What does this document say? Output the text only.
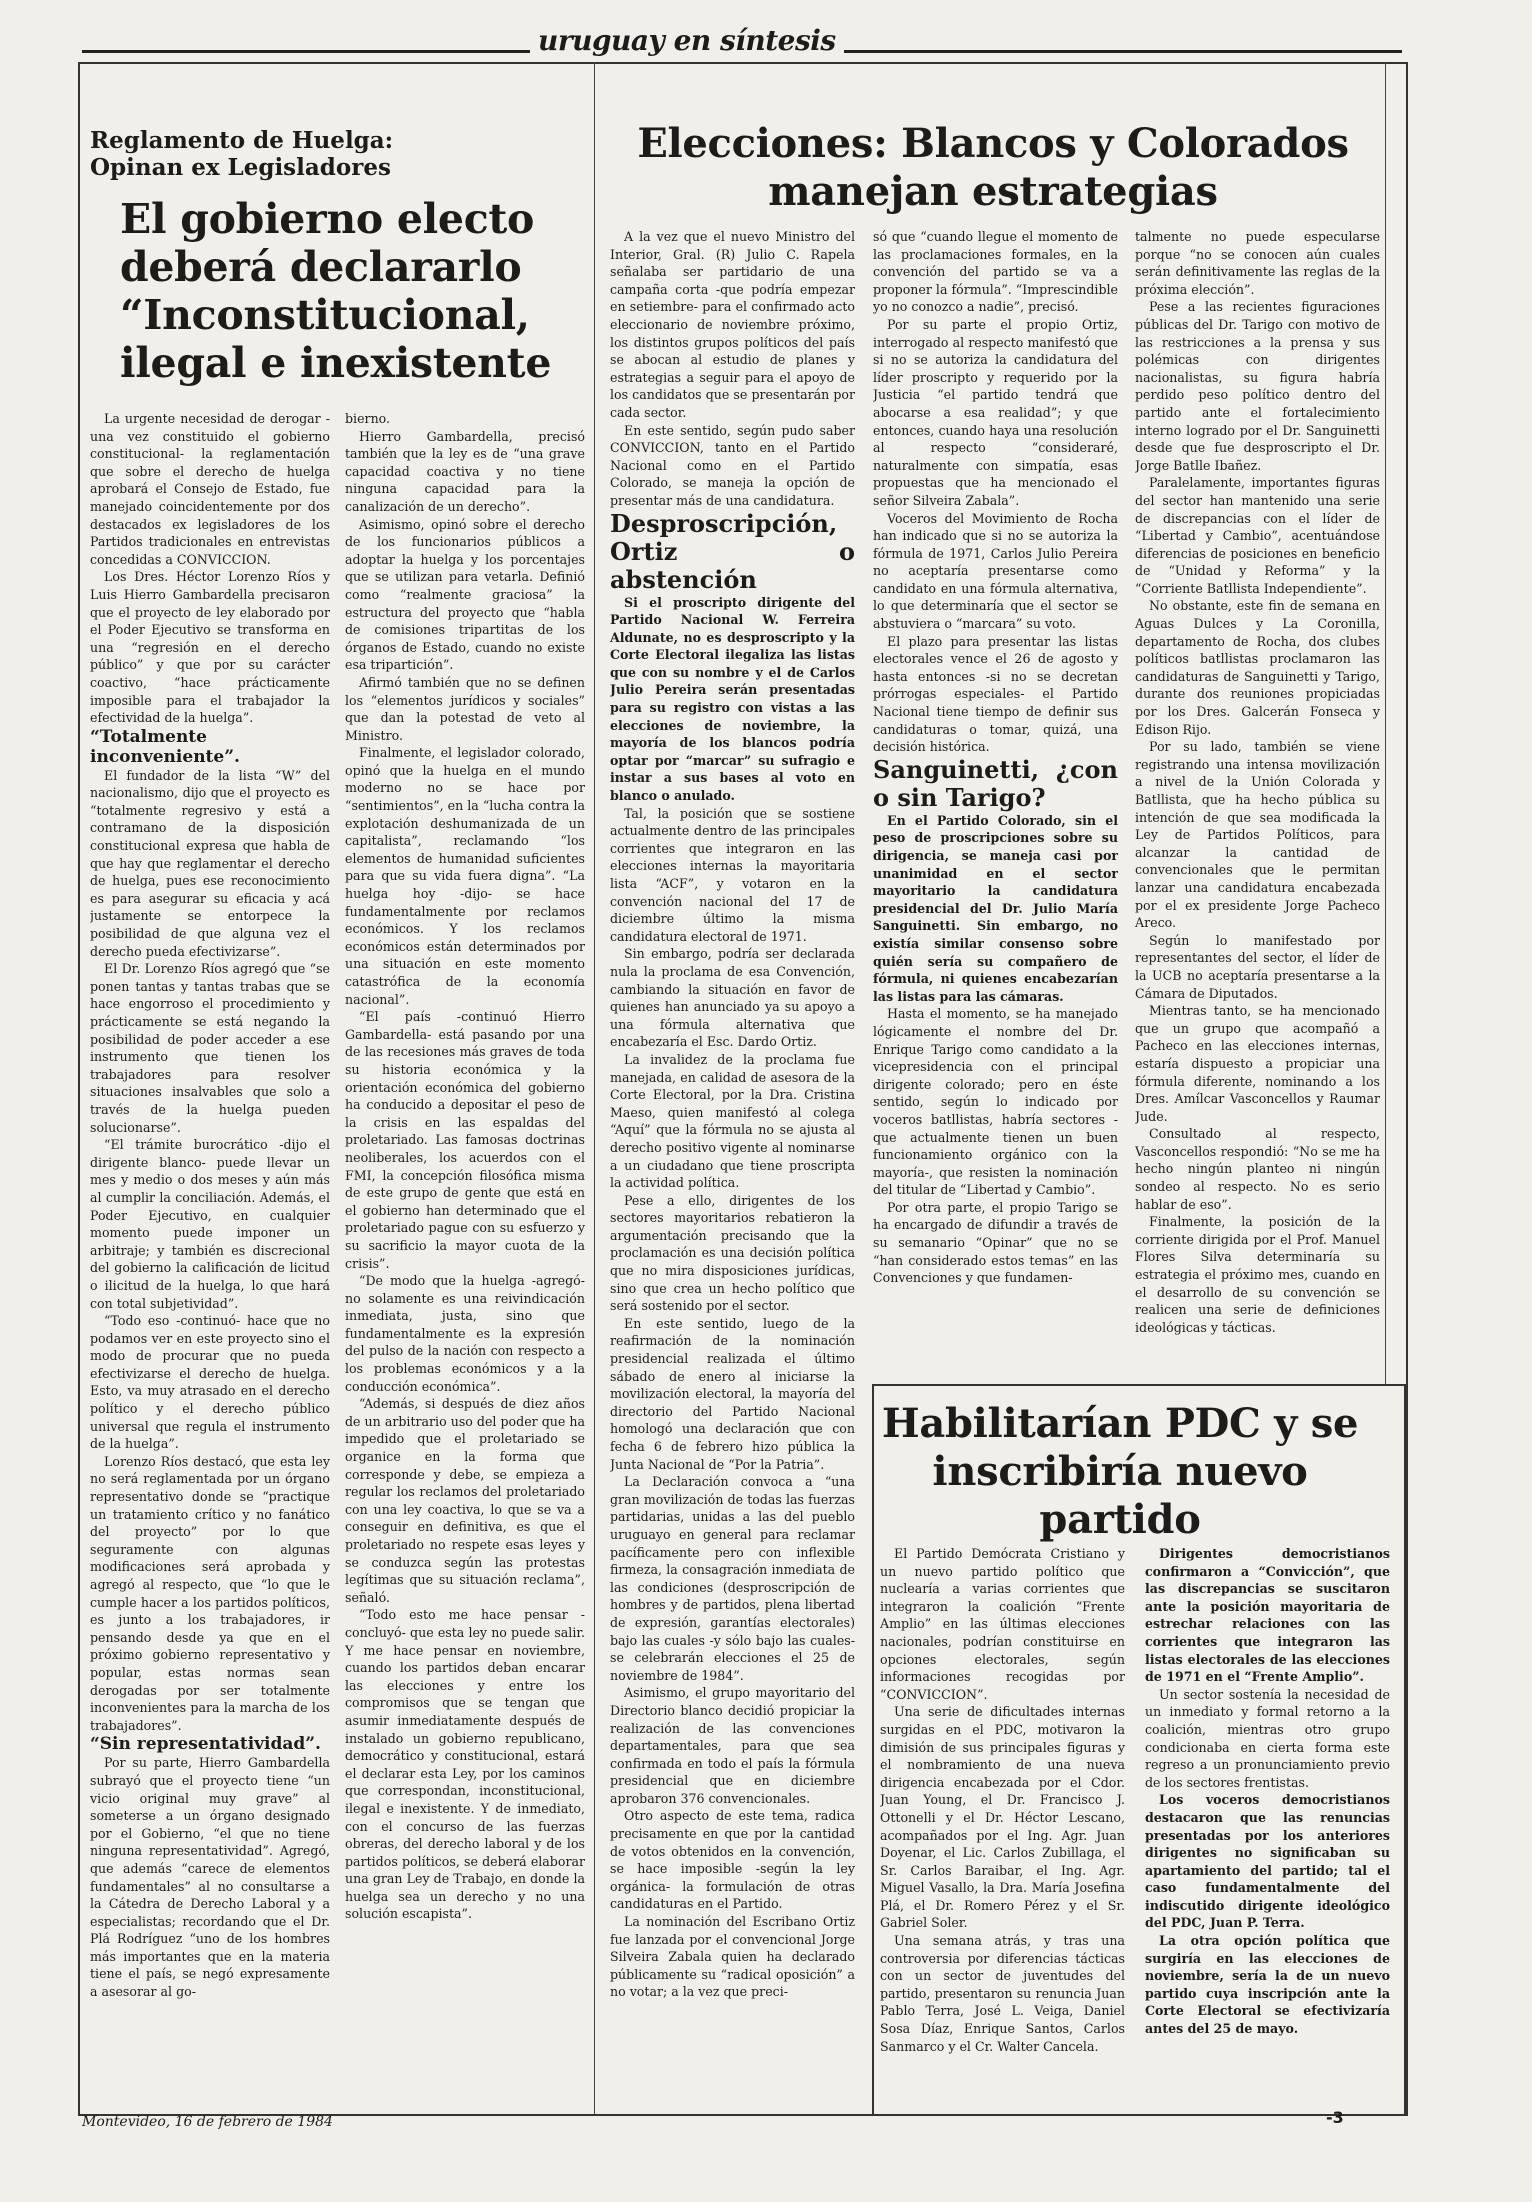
uruguay en síntesis
Reglamento de Huelga: Opinan ex Legisladores
El gobierno electo deberá declararlo “Inconstitucional, ilegal e inexistente

La urgente necesidad de derogar -una vez constituido el gobierno constitucional- la reglamentación que sobre el derecho de huelga aprobará el Consejo de Estado, fue manejado coincidentemente por dos destacados ex legisladores de los Partidos tradicionales en entrevistas concedidas a CONVICCION.

Los Dres. Héctor Lorenzo Ríos y Luis Hierro Gambardella precisaron que el proyecto de ley elaborado por el Poder Ejecutivo se transforma en una “regresión en el derecho público” y que por su carácter coactivo, “hace prácticamente imposible para el trabajador la efectividad de la huelga”.

“Totalmente inconveniente”.

El fundador de la lista “W” del nacionalismo, dijo que el proyecto es “totalmente regresivo y está a contramano de la disposición constitucional expresa que habla de que hay que reglamentar el derecho de huelga, pues ese reconocimiento es para asegurar su eficacia y acá justamente se entorpece la posibilidad de que alguna vez el derecho pueda efectivizarse”.

El Dr. Lorenzo Ríos agregó que “se ponen tantas y tantas trabas que se hace engorroso el procedimiento y prácticamente se está negando la posibilidad de poder acceder a ese instrumento que tienen los trabajadores para resolver situaciones insalvables que solo a través de la huelga pueden solucionarse”.

“El trámite burocrático -dijo el dirigente blanco- puede llevar un mes y medio o dos meses y aún más al cumplir la conciliación. Además, el Poder Ejecutivo, en cualquier momento puede imponer un arbitraje; y también es discrecional del gobierno la calificación de licitud o ilicitud de la huelga, lo que hará con total subjetividad”.

“Todo eso -continuó- hace que no podamos ver en este proyecto sino el modo de procurar que no pueda efectivizarse el derecho de huelga. Esto, va muy atrasado en el derecho político y el derecho público universal que regula el instrumento de la huelga”.

Lorenzo Ríos destacó, que esta ley no será reglamentada por un órgano representativo donde se “practique un tratamiento crítico y no fanático del proyecto” por lo que seguramente con algunas modificaciones será aprobada y agregó al respecto, que “lo que le cumple hacer a los partidos políticos, es junto a los trabajadores, ir pensando desde ya que en el próximo gobierno representativo y popular, estas normas sean derogadas por ser totalmente inconvenientes para la marcha de los trabajadores”.

“Sin representatividad”.

Por su parte, Hierro Gambardella subrayó que el proyecto tiene “un vicio original muy grave” al someterse a un órgano designado por el Gobierno, “el que no tiene ninguna representatividad”. Agregó, que además “carece de elementos fundamentales” al no consultarse a la Cátedra de Derecho Laboral y a especialistas; recordando que el Dr. Plá Rodríguez “uno de los hombres más importantes que en la materia tiene el país, se negó expresamente a asesorar al go-

bierno.

Hierro Gambardella, precisó también que la ley es de “una grave capacidad coactiva y no tiene ninguna capacidad para la canalización de un derecho”.

Asimismo, opinó sobre el derecho de los funcionarios públicos a adoptar la huelga y los porcentajes que se utilizan para vetarla. Definió como “realmente graciosa” la estructura del proyecto que “habla de comisiones tripartitas de los órganos de Estado, cuando no existe esa tripartición”.

Afirmó también que no se definen los “elementos jurídicos y sociales” que dan la potestad de veto al Ministro.

Finalmente, el legislador colorado, opinó que la huelga en el mundo moderno no se hace por “sentimientos”, en la “lucha contra la explotación deshumanizada de un capitalista”, reclamando “los elementos de humanidad suficientes para que su vida fuera digna”. “La huelga hoy -dijo- se hace fundamentalmente por reclamos económicos. Y los reclamos económicos están determinados por una situación en este momento catastrófica de la economía nacional”.

“El país -continuó Hierro Gambardella- está pasando por una de las recesiones más graves de toda su historia económica y la orientación económica del gobierno ha conducido a depositar el peso de la crisis en las espaldas del proletariado. Las famosas doctrinas neoliberales, los acuerdos con el FMI, la concepción filosófica misma de este grupo de gente que está en el gobierno han determinado que el proletariado pague con su esfuerzo y su sacrificio la mayor cuota de la crisis”.

“De modo que la huelga -agregó- no solamente es una reivindicación inmediata, justa, sino que fundamentalmente es la expresión del pulso de la nación con respecto a los problemas económicos y a la conducción económica”.

“Además, si después de diez años de un arbitrario uso del poder que ha impedido que el proletariado se organice en la forma que corresponde y debe, se empieza a regular los reclamos del proletariado con una ley coactiva, lo que se va a conseguir en definitiva, es que el proletariado no respete esas leyes y se conduzca según las protestas legítimas que su situación reclama”, señaló.

“Todo esto me hace pensar -concluyó- que esta ley no puede salir. Y me hace pensar en noviembre, cuando los partidos deban encarar las elecciones y entre los compromisos que se tengan que asumir inmediatamente después de instalado un gobierno republicano, democrático y constitucional, estará el declarar esta Ley, por los caminos que correspondan, inconstitucional, ilegal e inexistente. Y de inmediato, con el concurso de las fuerzas obreras, del derecho laboral y de los partidos políticos, se deberá elaborar una gran Ley de Trabajo, en donde la huelga sea un derecho y no una solución escapista”.

Elecciones: Blancos y Colorados manejan estrategias

A la vez que el nuevo Ministro del Interior, Gral. (R) Julio C. Rapela señalaba ser partidario de una campaña corta -que podría empezar en setiembre- para el confirmado acto eleccionario de noviembre próximo, los distintos grupos políticos del país se abocan al estudio de planes y estrategias a seguir para el apoyo de los candidatos que se presentarán por cada sector.

En este sentido, según pudo saber CONVICCION, tanto en el Partido Nacional como en el Partido Colorado, se maneja la opción de presentar más de una candidatura.

Desproscripción, Ortiz o abstención

Si el proscripto dirigente del Partido Nacional W. Ferreira Aldunate, no es desproscripto y la Corte Electoral ilegaliza las listas que con su nombre y el de Carlos Julio Pereira serán presentadas para su registro con vistas a las elecciones de noviembre, la mayoría de los blancos podría optar por “marcar” su sufragio e instar a sus bases al voto en blanco o anulado.

Tal, la posición que se sostiene actualmente dentro de las principales corrientes que integraron en las elecciones internas la mayoritaria lista “ACF”, y votaron en la convención nacional del 17 de diciembre último la misma candidatura electoral de 1971.

Sin embargo, podría ser declarada nula la proclama de esa Convención, cambiando la situación en favor de quienes han anunciado ya su apoyo a una fórmula alternativa que encabezaría el Esc. Dardo Ortiz.

La invalidez de la proclama fue manejada, en calidad de asesora de la Corte Electoral, por la Dra. Cristina Maeso, quien manifestó al colega “Aquí” que la fórmula no se ajusta al derecho positivo vigente al nominarse a un ciudadano que tiene proscripta la actividad política.

Pese a ello, dirigentes de los sectores mayoritarios rebatieron la argumentación precisando que la proclamación es una decisión política que no mira disposiciones jurídicas, sino que crea un hecho político que será sostenido por el sector.

En este sentido, luego de la reafirmación de la nominación presidencial realizada el último sábado de enero al iniciarse la movilización electoral, la mayoría del directorio del Partido Nacional homologó una declaración que con fecha 6 de febrero hizo pública la Junta Nacional de “Por la Patria”.

La Declaración convoca a “una gran movilización de todas las fuerzas partidarias, unidas a las del pueblo uruguayo en general para reclamar pacíficamente pero con inflexible firmeza, la consagración inmediata de las condiciones (desproscripción de hombres y de partidos, plena libertad de expresión, garantías electorales) bajo las cuales -y sólo bajo las cuales- se celebrarán elecciones el 25 de noviembre de 1984”.

Asimismo, el grupo mayoritario del Directorio blanco decidió propiciar la realización de las convenciones departamentales, para que sea confirmada en todo el país la fórmula presidencial que en diciembre aprobaron 376 convencionales.

Otro aspecto de este tema, radica precisamente en que por la cantidad de votos obtenidos en la convención, se hace imposible -según la ley orgánica- la formulación de otras candidaturas en el Partido.

La nominación del Escribano Ortiz fue lanzada por el convencional Jorge Silveira Zabala quien ha declarado públicamente su “radical oposición” a no votar; a la vez que preci-

só que “cuando llegue el momento de las proclamaciones formales, en la convención del partido se va a proponer la fórmula”. “Imprescindible yo no conozco a nadie”, precisó.

Por su parte el propio Ortiz, interrogado al respecto manifestó que si no se autoriza la candidatura del líder proscripto y requerido por la Justicia “el partido tendrá que abocarse a esa realidad”; y que entonces, cuando haya una resolución al respecto “consideraré, naturalmente con simpatía, esas propuestas que ha mencionado el señor Silveira Zabala”.

Voceros del Movimiento de Rocha han indicado que si no se autoriza la fórmula de 1971, Carlos Julio Pereira no aceptaría presentarse como candidato en una fórmula alternativa, lo que determinaría que el sector se abstuviera o “marcara” su voto.

El plazo para presentar las listas electorales vence el 26 de agosto y hasta entonces -si no se decretan prórrogas especiales- el Partido Nacional tiene tiempo de definir sus candidaturas o tomar, quizá, una decisión histórica.

Sanguinetti, ¿con o sin Tarigo?

En el Partido Colorado, sin el peso de proscripciones sobre su dirigencia, se maneja casi por unanimidad en el sector mayoritario la candidatura presidencial del Dr. Julio María Sanguinetti. Sin embargo, no existía similar consenso sobre quién sería su compañero de fórmula, ni quienes encabezarían las listas para las cámaras.

Hasta el momento, se ha manejado lógicamente el nombre del Dr. Enrique Tarigo como candidato a la vicepresidencia con el principal dirigente colorado; pero en éste sentido, según lo indicado por voceros batllistas, habría sectores -que actualmente tienen un buen funcionamiento orgánico con la mayoría-, que resisten la nominación del titular de “Libertad y Cambio”.

Por otra parte, el propio Tarigo se ha encargado de difundir a través de su semanario “Opinar” que no se “han considerado estos temas” en las Convenciones y que fundamen-

talmente no puede especularse porque “no se conocen aún cuales serán definitivamente las reglas de la próxima elección”.

Pese a las recientes figuraciones públicas del Dr. Tarigo con motivo de las restricciones a la prensa y sus polémicas con dirigentes nacionalistas, su figura habría perdido peso político dentro del partido ante el fortalecimiento interno logrado por el Dr. Sanguinetti desde que fue desproscripto el Dr. Jorge Batlle Ibañez.

Paralelamente, importantes figuras del sector han mantenido una serie de discrepancias con el líder de “Libertad y Cambio”, acentuándose diferencias de posiciones en beneficio de “Unidad y Reforma” y la “Corriente Batllista Independiente”.

No obstante, este fin de semana en Aguas Dulces y La Coronilla, departamento de Rocha, dos clubes políticos batllistas proclamaron las candidaturas de Sanguinetti y Tarigo, durante dos reuniones propiciadas por los Dres. Galcerán Fonseca y Edison Rijo.

Por su lado, también se viene registrando una intensa movilización a nivel de la Unión Colorada y Batllista, que ha hecho pública su intención de que sea modificada la Ley de Partidos Políticos, para alcanzar la cantidad de convencionales que le permitan lanzar una candidatura encabezada por el ex presidente Jorge Pacheco Areco.

Según lo manifestado por representantes del sector, el líder de la UCB no aceptaría presentarse a la Cámara de Diputados.

Mientras tanto, se ha mencionado que un grupo que acompañó a Pacheco en las elecciones internas, estaría dispuesto a propiciar una fórmula diferente, nominando a los Dres. Amílcar Vasconcellos y Raumar Jude.

Consultado al respecto, Vasconcellos respondió: “No se me ha hecho ningún planteo ni ningún sondeo al respecto. No es serio hablar de eso”.

Finalmente, la posición de la corriente dirigida por el Prof. Manuel Flores Silva determinaría su estrategia el próximo mes, cuando en el desarrollo de su convención se realicen una serie de definiciones ideológicas y tácticas.

Habilitarían PDC y se inscribiría nuevo partido

El Partido Demócrata Cristiano y un nuevo partido político que nuclearía a varias corrientes que integraron la coalición “Frente Amplio” en las últimas elecciones nacionales, podrían constituirse en opciones electorales, según informaciones recogidas por “CONVICCION”.

Una serie de dificultades internas surgidas en el PDC, motivaron la dimisión de sus principales figuras y el nombramiento de una nueva dirigencia encabezada por el Cdor. Juan Young, el Dr. Francisco J. Ottonelli y el Dr. Héctor Lescano, acompañados por el Ing. Agr. Juan Doyenar, el Lic. Carlos Zubillaga, el Sr. Carlos Baraibar, el Ing. Agr. Miguel Vasallo, la Dra. María Josefina Plá, el Dr. Romero Pérez y el Sr. Gabriel Soler.

Una semana atrás, y tras una controversia por diferencias tácticas con un sector de juventudes del partido, presentaron su renuncia Juan Pablo Terra, José L. Veiga, Daniel Sosa Díaz, Enrique Santos, Carlos Sanmarco y el Cr. Walter Cancela.

Dirigentes democristianos confirmaron a “Convicción”, que las discrepancias se suscitaron ante la posición mayoritaria de estrechar relaciones con las corrientes que integraron las listas electorales de las elecciones de 1971 en el “Frente Amplio”.

Un sector sostenía la necesidad de un inmediato y formal retorno a la coalición, mientras otro grupo condicionaba en cierta forma este regreso a un pronunciamiento previo de los sectores frentistas.

Los voceros democristianos destacaron que las renuncias presentadas por los anteriores dirigentes no significaban su apartamiento del partido; tal el caso fundamentalmente del indiscutido dirigente ideológico del PDC, Juan P. Terra.

La otra opción política que surgiría en las elecciones de noviembre, sería la de un nuevo partido cuya inscripción ante la Corte Electoral se efectivizaría antes del 25 de mayo.

Montevideo, 16 de febrero de 1984	-3
